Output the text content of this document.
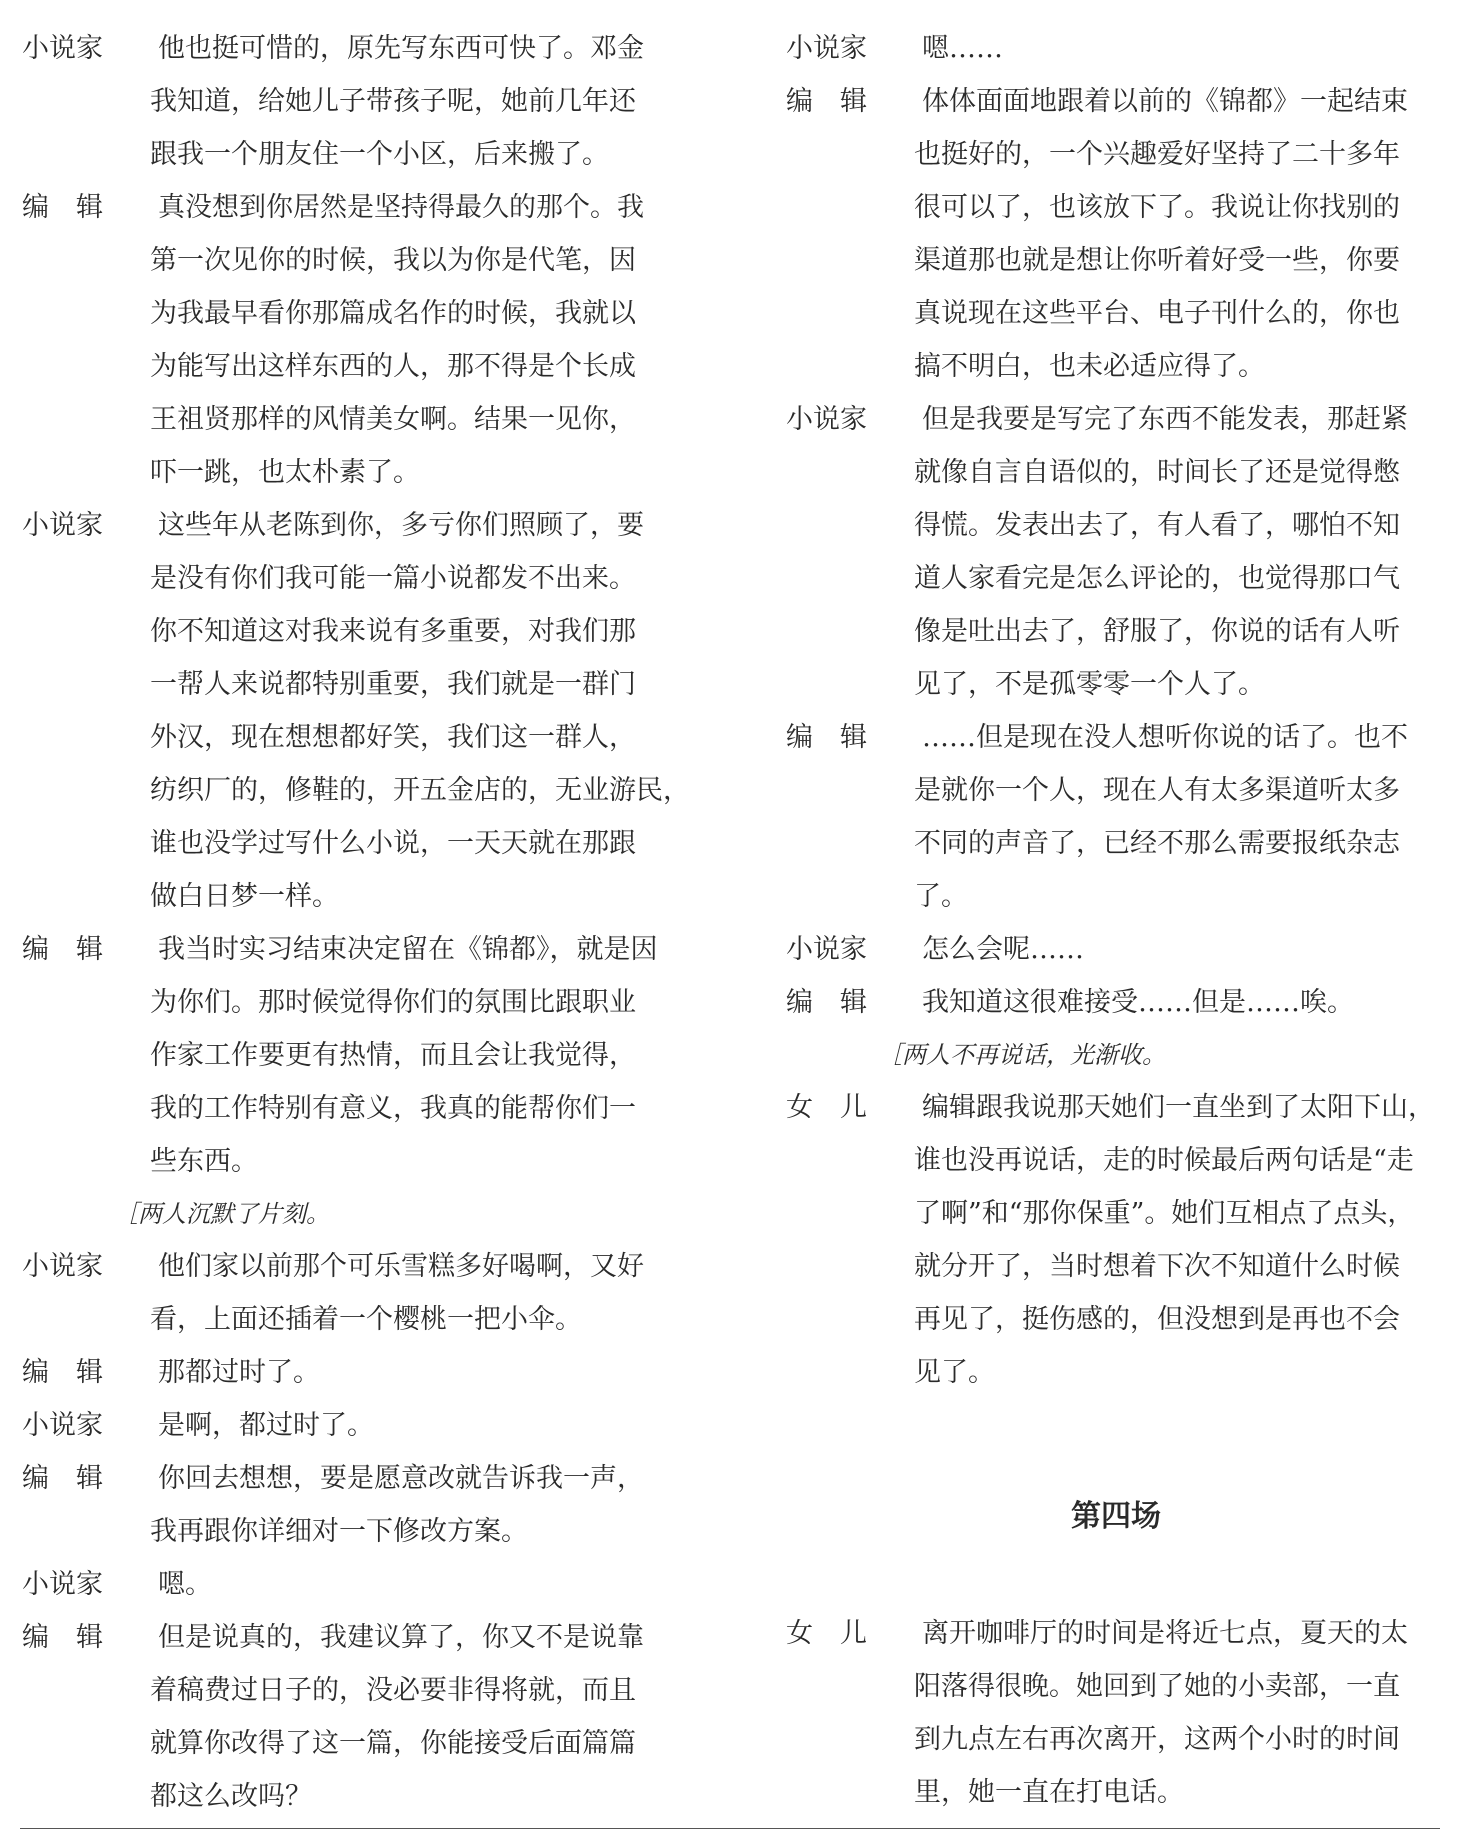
小说家	他也挺可惜的，原先写东西可快了。邓金
我知道，给她儿子带孩子呢，她前几年还
跟我一个朋友住一个小区，后来搬了。
编　辑	真没想到你居然是坚持得最久的那个。我
第一次见你的时候，我以为你是代笔，因
为我最早看你那篇成名作的时候，我就以
为能写出这样东西的人，那不得是个长成
王祖贤那样的风情美女啊。结果一见你，
吓一跳，也太朴素了。
小说家	这些年从老陈到你，多亏你们照顾了，要
是没有你们我可能一篇小说都发不出来。
你不知道这对我来说有多重要，对我们那
一帮人来说都特别重要，我们就是一群门
外汉，现在想想都好笑，我们这一群人，
纺织厂的，修鞋的，开五金店的，无业游民，
谁也没学过写什么小说，一天天就在那跟
做白日梦一样。
编　辑	我当时实习结束决定留在《锦都》，就是因
为你们。那时候觉得你们的氛围比跟职业
作家工作要更有热情，而且会让我觉得，
我的工作特别有意义，我真的能帮你们一
些东西。
［两人沉默了片刻。
小说家	他们家以前那个可乐雪糕多好喝啊，又好
看，上面还插着一个樱桃一把小伞。
编　辑	那都过时了。
小说家	是啊，都过时了。
编　辑	你回去想想，要是愿意改就告诉我一声，
我再跟你详细对一下修改方案。
小说家	嗯。
编　辑	但是说真的，我建议算了，你又不是说靠
着稿费过日子的，没必要非得将就，而且
就算你改得了这一篇，你能接受后面篇篇
都这么改吗？
小说家	嗯……
编　辑	体体面面地跟着以前的《锦都》一起结束
也挺好的，一个兴趣爱好坚持了二十多年
很可以了，也该放下了。我说让你找别的
渠道那也就是想让你听着好受一些，你要
真说现在这些平台、电子刊什么的，你也
搞不明白，也未必适应得了。
小说家	但是我要是写完了东西不能发表，那赶紧
就像自言自语似的，时间长了还是觉得憋
得慌。发表出去了，有人看了，哪怕不知
道人家看完是怎么评论的，也觉得那口气
像是吐出去了，舒服了，你说的话有人听
见了，不是孤零零一个人了。
编　辑	……但是现在没人想听你说的话了。也不
是就你一个人，现在人有太多渠道听太多
不同的声音了，已经不那么需要报纸杂志
了。
小说家	怎么会呢……
编　辑	我知道这很难接受……但是……唉。
［两人不再说话，光渐收。
女　儿	编辑跟我说那天她们一直坐到了太阳下山，
谁也没再说话，走的时候最后两句话是“走
了啊”和“那你保重”。她们互相点了点头，
就分开了，当时想着下次不知道什么时候
再见了，挺伤感的，但没想到是再也不会
见了。
第四场
女　儿	离开咖啡厅的时间是将近七点，夏天的太
阳落得很晚。她回到了她的小卖部，一直
到九点左右再次离开，这两个小时的时间
里，她一直在打电话。
